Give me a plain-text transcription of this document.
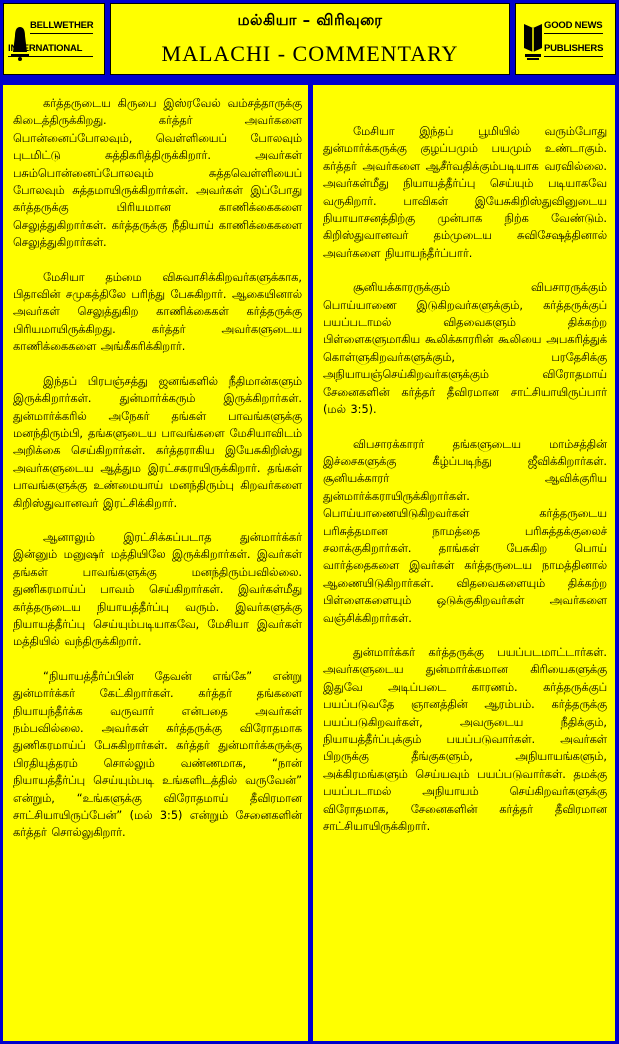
BELLWETHER
INTERNATIONAL
மல்கியா – விரிவுரை
MALACHI - COMMENTARY
GOOD NEWS
PUBLISHERS

கர்த்தருடைய கிருபை இஸ்ரவேல் வம்சத்தாருக்கு கிடைத்திருக்கிறது. கர்த்தர் அவர்களை பொன்னைப்போலவும், வெள்ளியைப் போலவும் புடமிட்டு சுத்திகரித்திருக்கிறார். அவர்கள் பசும்பொன்னைப்போலவும் சுத்தவெள்ளியைப் போலவும் சுத்தமாயிருக்கிறார்கள். அவர்கள் இப்போது கர்த்தருக்கு பிரியமான காணிக்கைகளை செலுத்துகிறார்கள். கர்த்தருக்கு நீதியாய் காணிக்கைகளை செலுத்துகிறார்கள்.

மேசியா தம்மை விசுவாசிக்கிறவர்களுக்காக, பிதாவின் சமுகத்திலே பரிந்து பேசுகிறார். ஆகையினால் அவர்கள் செலுத்துகிற காணிக்கைகள் கர்த்தருக்கு பிரியமாயிருக்கிறது. கர்த்தர் அவர்களுடைய காணிக்கைகளை அங்கீகரிக்கிறார்.

இந்தப் பிரபஞ்சத்து ஜனங்களில் நீதிமான்களும் இருக்கிறார்கள். துன்மார்க்கரும் இருக்கிறார்கள். துன்மார்க்கரில் அநேகர் தங்கள் பாவங்களுக்கு மனந்திரும்பி, தங்களுடைய பாவங்களை மேசியாவிடம் அறிக்கை செய்கிறார்கள். கர்த்தராகிய இயேசுகிறிஸ்து அவர்களுடைய ஆத்தும இரட்சகராயிருக்கிறார். தங்கள் பாவங்களுக்கு உண்மையாய் மனந்திரும்பு கிறவர்களை கிறிஸ்துவானவர் இரட்சிக்கிறார்.

ஆனாலும் இரட்சிக்கப்படாத துன்மார்க்கர் இன்னும் மனுஷர் மத்தியிலே இருக்கிறார்கள். இவர்கள் தங்கள் பாவங்களுக்கு மனந்திரும்பவில்லை. துணிகரமாய்ப் பாவம் செய்கிறார்கள். இவர்கள்மீது கர்த்தருடைய நியாயத்தீர்ப்பு வரும். இவர்களுக்கு நியாயத்தீர்ப்பு செய்யும்படியாகவே, மேசியா இவர்கள் மத்தியில் வந்திருக்கிறார்.

“நியாயத்தீர்ப்பின் தேவன் எங்கே” என்று துன்மார்க்கர் கேட்கிறார்கள். கர்த்தர் தங்களை நியாயந்தீர்க்க வருவார் என்பதை அவர்கள் நம்பவில்லை. அவர்கள் கர்த்தருக்கு விரோதமாக துணிகரமாய்ப் பேசுகிறார்கள். கர்த்தர் துன்மார்க்கருக்கு பிரதியுத்தரம் சொல்லும் வண்ணமாக, “நான் நியாயத்தீர்ப்பு செய்யும்படி உங்களிடத்தில் வருவேன்” என்றும், “உங்களுக்கு விரோதமாய் தீவிரமான சாட்சியாயிருப்பேன்” (மல் 3:5) என்றும் சேனைகளின் கர்த்தர் சொல்லுகிறார்.

மேசியா இந்தப் பூமியில் வரும்போது துன்மார்க்கருக்கு குழப்பமும் பயமும் உண்டாகும். கர்த்தர் அவர்களை ஆசீர்வதிக்கும்படியாக வரவில்லை. அவர்கள்மீது நியாயத்தீர்ப்பு செய்யும் படியாகவே வருகிறார். பாவிகள் இயேசுகிறிஸ்துவினுடைய நியாயாசனத்திற்கு முன்பாக நிற்க வேண்டும். கிறிஸ்துவானவர் தம்முடைய சுவிசேஷத்தினால் அவர்களை நியாயந்தீர்ப்பார்.

சூனியக்காரருக்கும் விபசாரருக்கும் பொய்யாணை இடுகிறவர்களுக்கும், கர்த்தருக்குப் பயப்படாமல் விதவைகளும் திக்கற்ற பிள்ளைகளுமாகிய கூலிக்காரரின் கூலியை அபகரித்துக் கொள்ளுகிறவர்களுக்கும், பரதேசிக்கு அநியாயஞ்செய்கிறவர்களுக்கும் விரோதமாய் சேனைகளின் கர்த்தர் தீவிரமான சாட்சியாயிருப்பார் (மல் 3:5).

விபசாரக்காரர் தங்களுடைய மாம்சத்தின் இச்சைகளுக்கு கீழ்ப்படிந்து ஜீவிக்கிறார்கள். சூனியக்காரர் ஆவிக்குரிய துன்மார்க்கராயிருக்கிறார்கள். பொய்யாணையிடுகிறவர்கள் கர்த்தருடைய பரிசுத்தமான நாமத்தை பரிசுத்தக்குலைச் சலாக்குகிறார்கள். தாங்கள் பேசுகிற பொய் வார்த்தைகளை இவர்கள் கர்த்தருடைய நாமத்தினால் ஆணையிடுகிறார்கள். விதவைகளையும் திக்கற்ற பிள்ளைகளையும் ஒடுக்குகிறவர்கள் அவர்களை வஞ்சிக்கிறார்கள்.

துன்மார்க்கர் கர்த்தருக்கு பயப்படமாட்டார்கள். அவர்களுடைய துன்மார்க்கமான கிரியைகளுக்கு இதுவே அடிப்படை காரணம். கர்த்தருக்குப் பயப்படுவதே ஞானத்தின் ஆரம்பம். கர்த்தருக்கு பயப்படுகிறவர்கள், அவருடைய நீதிக்கும், நியாயத்தீர்ப்புக்கும் பயப்படுவார்கள். அவர்கள் பிறருக்கு தீங்குகளும், அநியாயங்களும், அக்கிரமங்களும் செய்யவும் பயப்படுவார்கள். தமக்கு பயப்படாமல் அநியாயம் செய்கிறவர்களுக்கு விரோதமாக, சேனைகளின் கர்த்தர் தீவிரமான சாட்சியாயிருக்கிறார்.
